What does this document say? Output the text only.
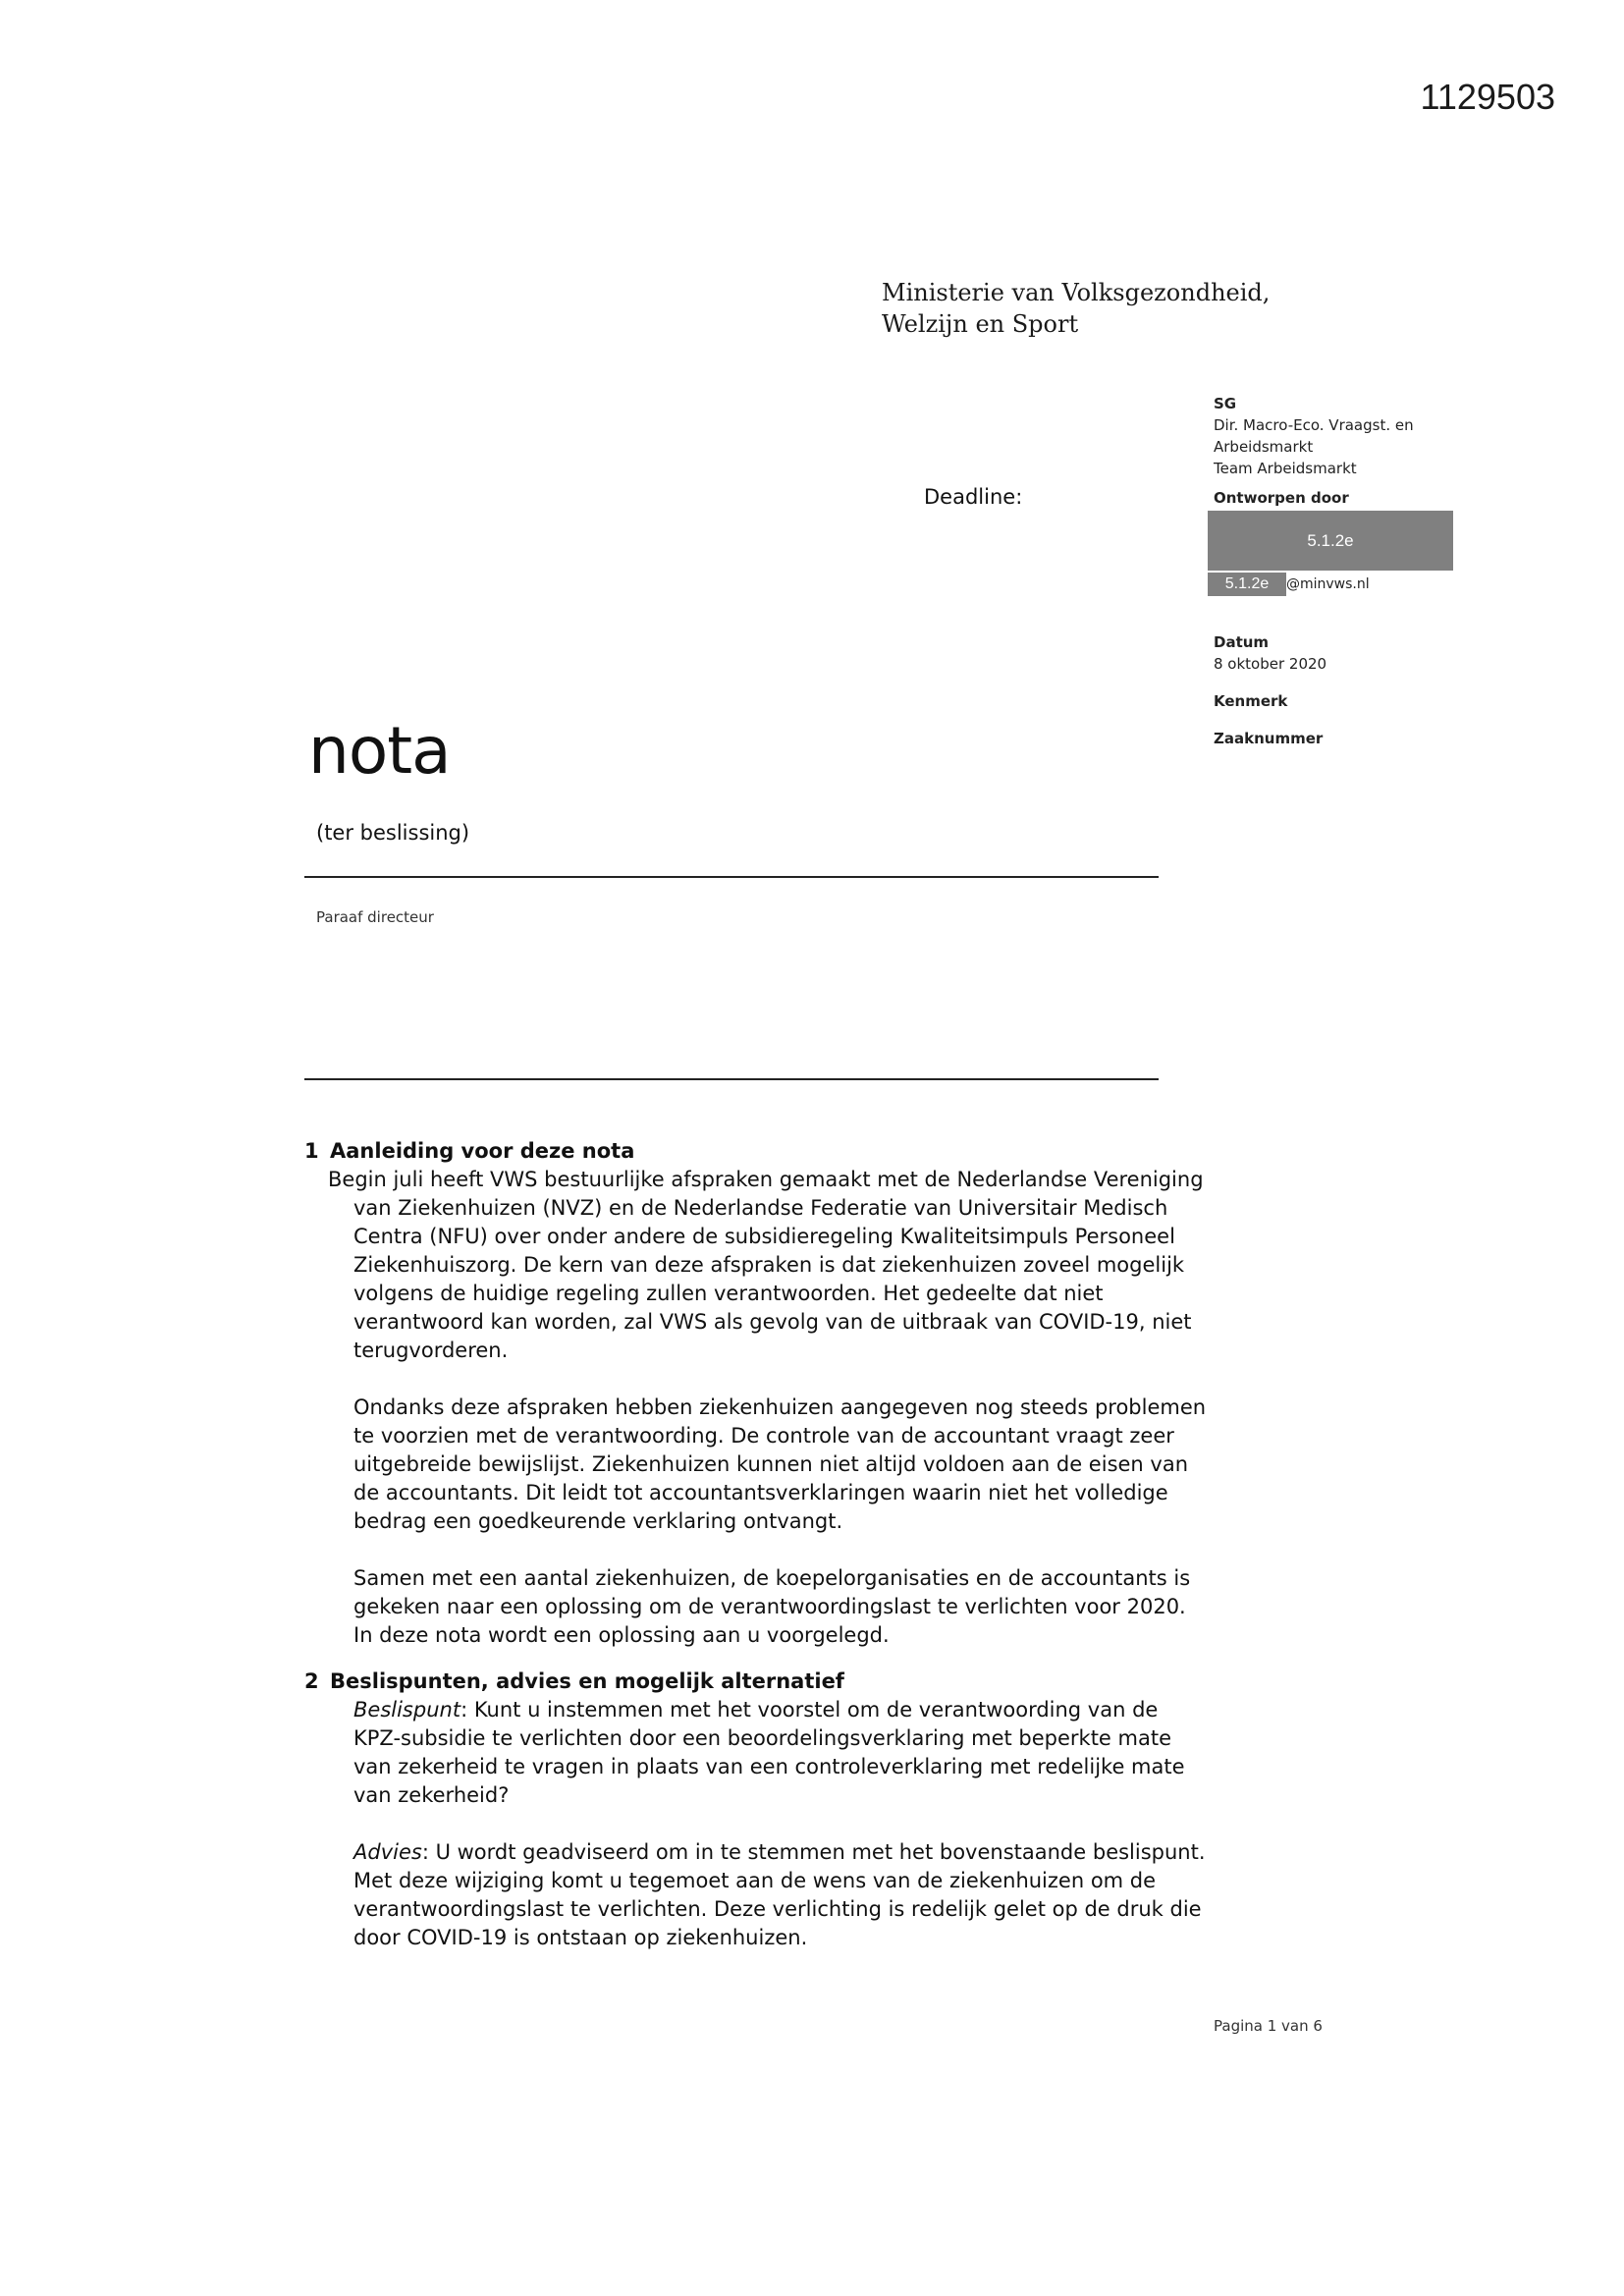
1129503
Ministerie van Volksgezondheid,
Welzijn en Sport
Deadline:
SG
Dir. Macro-Eco. Vraagst. en
Arbeidsmarkt
Team Arbeidsmarkt
Ontworpen door
5.1.2e
5.1.2e	@minvws.nl
Datum
8 oktober 2020
Kenmerk
Zaaknummer
nota
(ter beslissing)
Paraaf directeur
1 Aanleiding voor deze nota

Begin juli heeft VWS bestuurlijke afspraken gemaakt met de Nederlandse Vereniging van Ziekenhuizen (NVZ) en de Nederlandse Federatie van Universitair Medisch Centra (NFU) over onder andere de subsidieregeling Kwaliteitsimpuls Personeel Ziekenhuiszorg. De kern van deze afspraken is dat ziekenhuizen zoveel mogelijk volgens de huidige regeling zullen verantwoorden. Het gedeelte dat niet verantwoord kan worden, zal VWS als gevolg van de uitbraak van COVID-19, niet terugvorderen.

Ondanks deze afspraken hebben ziekenhuizen aangegeven nog steeds problemen te voorzien met de verantwoording. De controle van de accountant vraagt zeer uitgebreide bewijslijst. Ziekenhuizen kunnen niet altijd voldoen aan de eisen van de accountants. Dit leidt tot accountantsverklaringen waarin niet het volledige bedrag een goedkeurende verklaring ontvangt.

Samen met een aantal ziekenhuizen, de koepelorganisaties en de accountants is gekeken naar een oplossing om de verantwoordingslast te verlichten voor 2020. In deze nota wordt een oplossing aan u voorgelegd.

2 Beslispunten, advies en mogelijk alternatief

Beslispunt: Kunt u instemmen met het voorstel om de verantwoording van de KPZ-subsidie te verlichten door een beoordelingsverklaring met beperkte mate van zekerheid te vragen in plaats van een controleverklaring met redelijke mate van zekerheid?

Advies: U wordt geadviseerd om in te stemmen met het bovenstaande beslispunt. Met deze wijziging komt u tegemoet aan de wens van de ziekenhuizen om de verantwoordingslast te verlichten. Deze verlichting is redelijk gelet op de druk die door COVID-19 is ontstaan op ziekenhuizen.

Pagina 1 van 6
